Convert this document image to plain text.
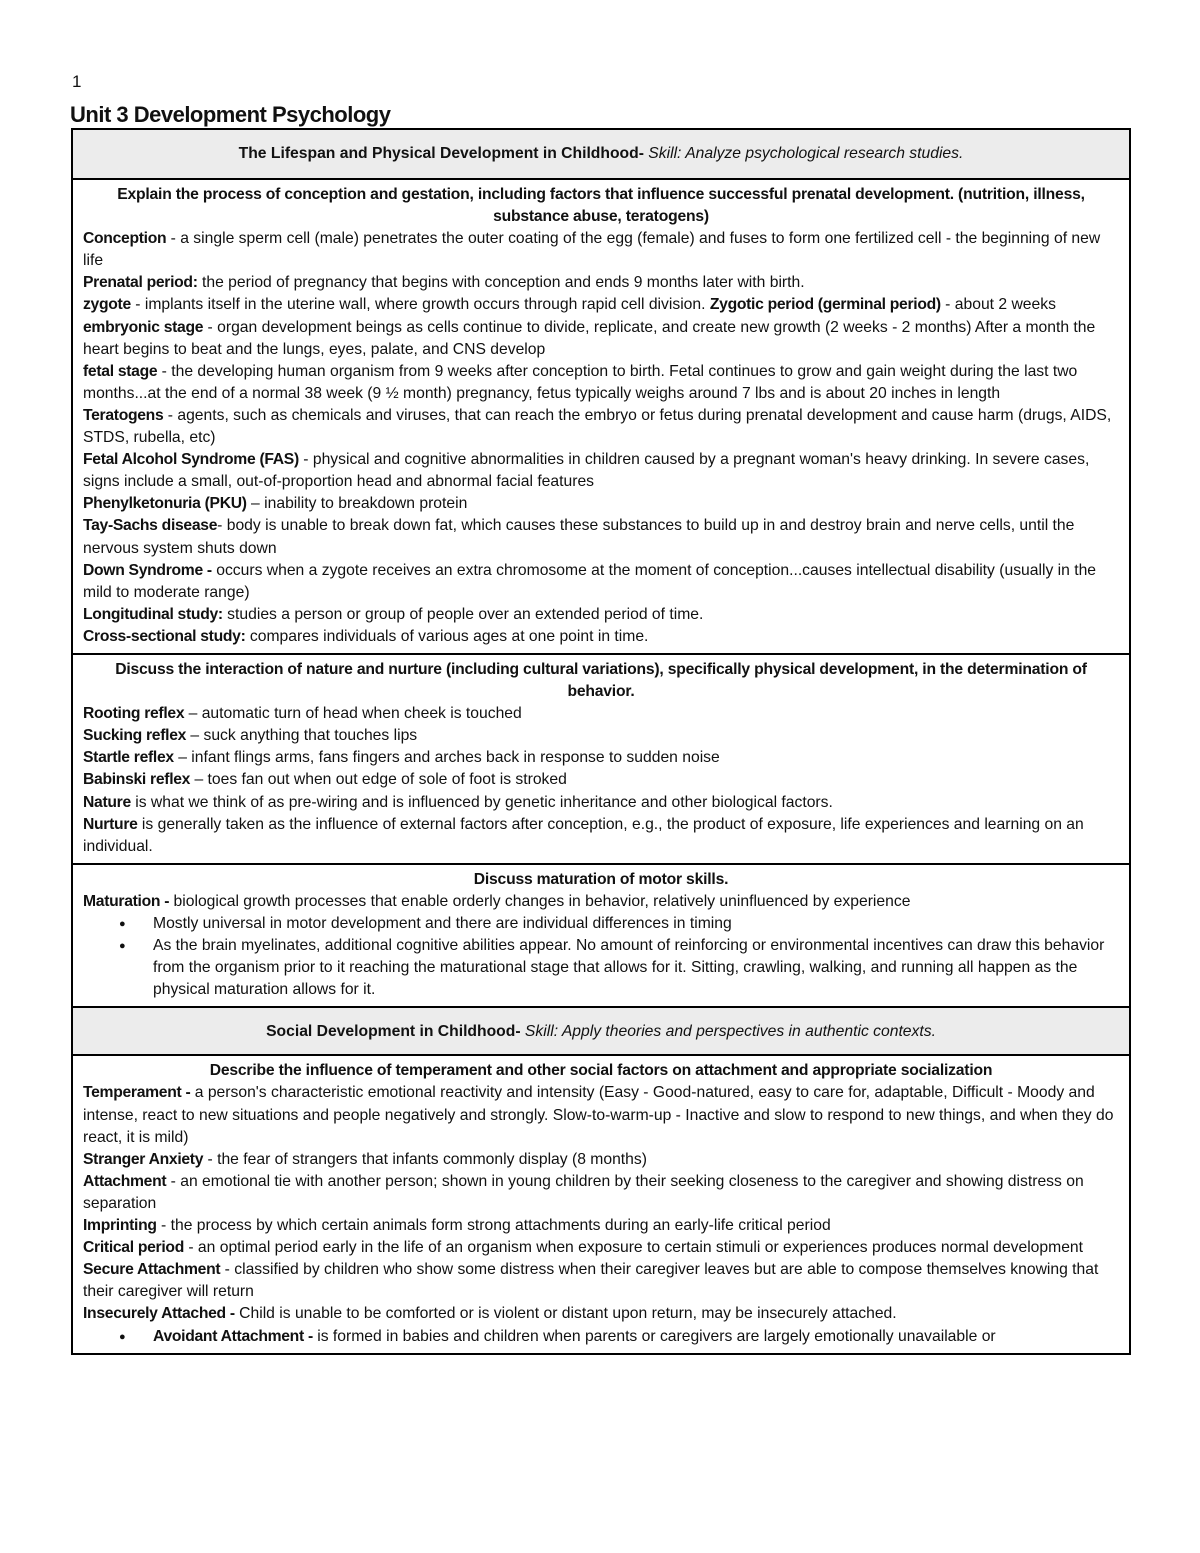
1
Unit 3 Development Psychology
The Lifespan and Physical Development in Childhood- Skill: Analyze psychological research studies.
Explain the process of conception and gestation, including factors that influence successful prenatal development. (nutrition, illness, substance abuse, teratogens)
Conception - a single sperm cell (male) penetrates the outer coating of the egg (female) and fuses to form one fertilized cell - the beginning of new life
Prenatal period: the period of pregnancy that begins with conception and ends 9 months later with birth.
zygote - implants itself in the uterine wall, where growth occurs through rapid cell division. Zygotic period (germinal period) - about 2 weeks
embryonic stage - organ development beings as cells continue to divide, replicate, and create new growth (2 weeks - 2 months) After a month the heart begins to beat and the lungs, eyes, palate, and CNS develop
fetal stage - the developing human organism from 9 weeks after conception to birth. Fetal continues to grow and gain weight during the last two months...at the end of a normal 38 week (9 ½ month) pregnancy, fetus typically weighs around 7 lbs and is about 20 inches in length
Teratogens - agents, such as chemicals and viruses, that can reach the embryo or fetus during prenatal development and cause harm (drugs, AIDS, STDS, rubella, etc)
Fetal Alcohol Syndrome (FAS) - physical and cognitive abnormalities in children caused by a pregnant woman's heavy drinking. In severe cases, signs include a small, out-of-proportion head and abnormal facial features
Phenylketonuria (PKU) – inability to breakdown protein
Tay-Sachs disease- body is unable to break down fat, which causes these substances to build up in and destroy brain and nerve cells, until the nervous system shuts down
Down Syndrome - occurs when a zygote receives an extra chromosome at the moment of conception...causes intellectual disability (usually in the mild to moderate range)
Longitudinal study: studies a person or group of people over an extended period of time.
Cross-sectional study: compares individuals of various ages at one point in time.
Discuss the interaction of nature and nurture (including cultural variations), specifically physical development, in the determination of behavior.
Rooting reflex – automatic turn of head when cheek is touched
Sucking reflex – suck anything that touches lips
Startle reflex – infant flings arms, fans fingers and arches back in response to sudden noise
Babinski reflex – toes fan out when out edge of sole of foot is stroked
Nature is what we think of as pre-wiring and is influenced by genetic inheritance and other biological factors.
Nurture is generally taken as the influence of external factors after conception, e.g., the product of exposure, life experiences and learning on an individual.
Discuss maturation of motor skills.
Maturation - biological growth processes that enable orderly changes in behavior, relatively uninfluenced by experience
● Mostly universal in motor development and there are individual differences in timing
● As the brain myelinates, additional cognitive abilities appear. No amount of reinforcing or environmental incentives can draw this behavior from the organism prior to it reaching the maturational stage that allows for it. Sitting, crawling, walking, and running all happen as the physical maturation allows for it.
Social Development in Childhood- Skill: Apply theories and perspectives in authentic contexts.
Describe the influence of temperament and other social factors on attachment and appropriate socialization
Temperament - a person's characteristic emotional reactivity and intensity (Easy - Good-natured, easy to care for, adaptable, Difficult - Moody and intense, react to new situations and people negatively and strongly. Slow-to-warm-up - Inactive and slow to respond to new things, and when they do react, it is mild)
Stranger Anxiety - the fear of strangers that infants commonly display (8 months)
Attachment - an emotional tie with another person; shown in young children by their seeking closeness to the caregiver and showing distress on separation
Imprinting - the process by which certain animals form strong attachments during an early-life critical period
Critical period - an optimal period early in the life of an organism when exposure to certain stimuli or experiences produces normal development
Secure Attachment - classified by children who show some distress when their caregiver leaves but are able to compose themselves knowing that their caregiver will return
Insecurely Attached - Child is unable to be comforted or is violent or distant upon return, may be insecurely attached.
● Avoidant Attachment - is formed in babies and children when parents or caregivers are largely emotionally unavailable or
